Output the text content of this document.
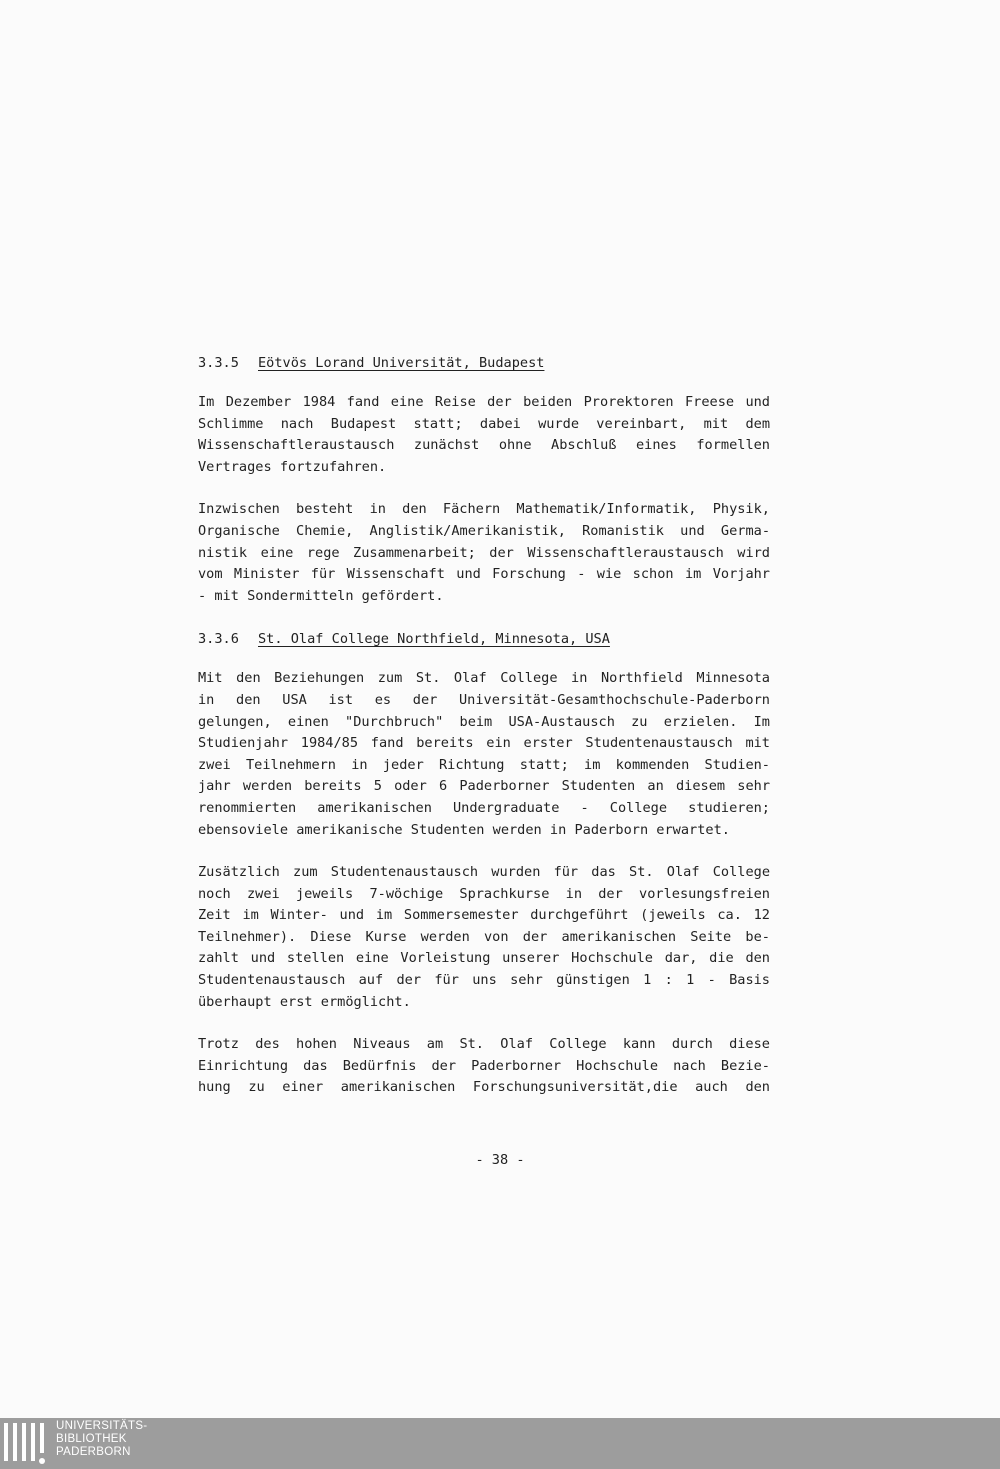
3.3.5 Eötvös Lorand Universität, Budapest
Im Dezember 1984 fand eine Reise der beiden Prorektoren Freese und
Schlimme nach Budapest statt; dabei wurde vereinbart, mit dem
Wissenschaftleraustausch zunächst ohne Abschluß eines formellen
Vertrages fortzufahren.
Inzwischen besteht in den Fächern Mathematik/Informatik, Physik,
Organische Chemie, Anglistik/Amerikanistik, Romanistik und Germa-
nistik eine rege Zusammenarbeit; der Wissenschaftleraustausch wird
vom Minister für Wissenschaft und Forschung - wie schon im Vorjahr
- mit Sondermitteln gefördert.
3.3.6 St. Olaf College Northfield, Minnesota, USA
Mit den Beziehungen zum St. Olaf College in Northfield Minnesota
in den USA ist es der Universität-Gesamthochschule-Paderborn
gelungen, einen "Durchbruch" beim USA-Austausch zu erzielen. Im
Studienjahr 1984/85 fand bereits ein erster Studentenaustausch mit
zwei Teilnehmern in jeder Richtung statt; im kommenden Studien-
jahr werden bereits 5 oder 6 Paderborner Studenten an diesem sehr
renommierten amerikanischen Undergraduate - College studieren;
ebensoviele amerikanische Studenten werden in Paderborn erwartet.
Zusätzlich zum Studentenaustausch wurden für das St. Olaf College
noch zwei jeweils 7-wöchige Sprachkurse in der vorlesungsfreien
Zeit im Winter- und im Sommersemester durchgeführt (jeweils ca. 12
Teilnehmer). Diese Kurse werden von der amerikanischen Seite be-
zahlt und stellen eine Vorleistung unserer Hochschule dar, die den
Studentenaustausch auf der für uns sehr günstigen 1 : 1 - Basis
überhaupt erst ermöglicht.
Trotz des hohen Niveaus am St. Olaf College kann durch diese
Einrichtung das Bedürfnis der Paderborner Hochschule nach Bezie-
hung zu einer amerikanischen Forschungsuniversität,die auch den
- 38 -
UNIVERSITÄTS-
BIBLIOTHEK
PADERBORN
